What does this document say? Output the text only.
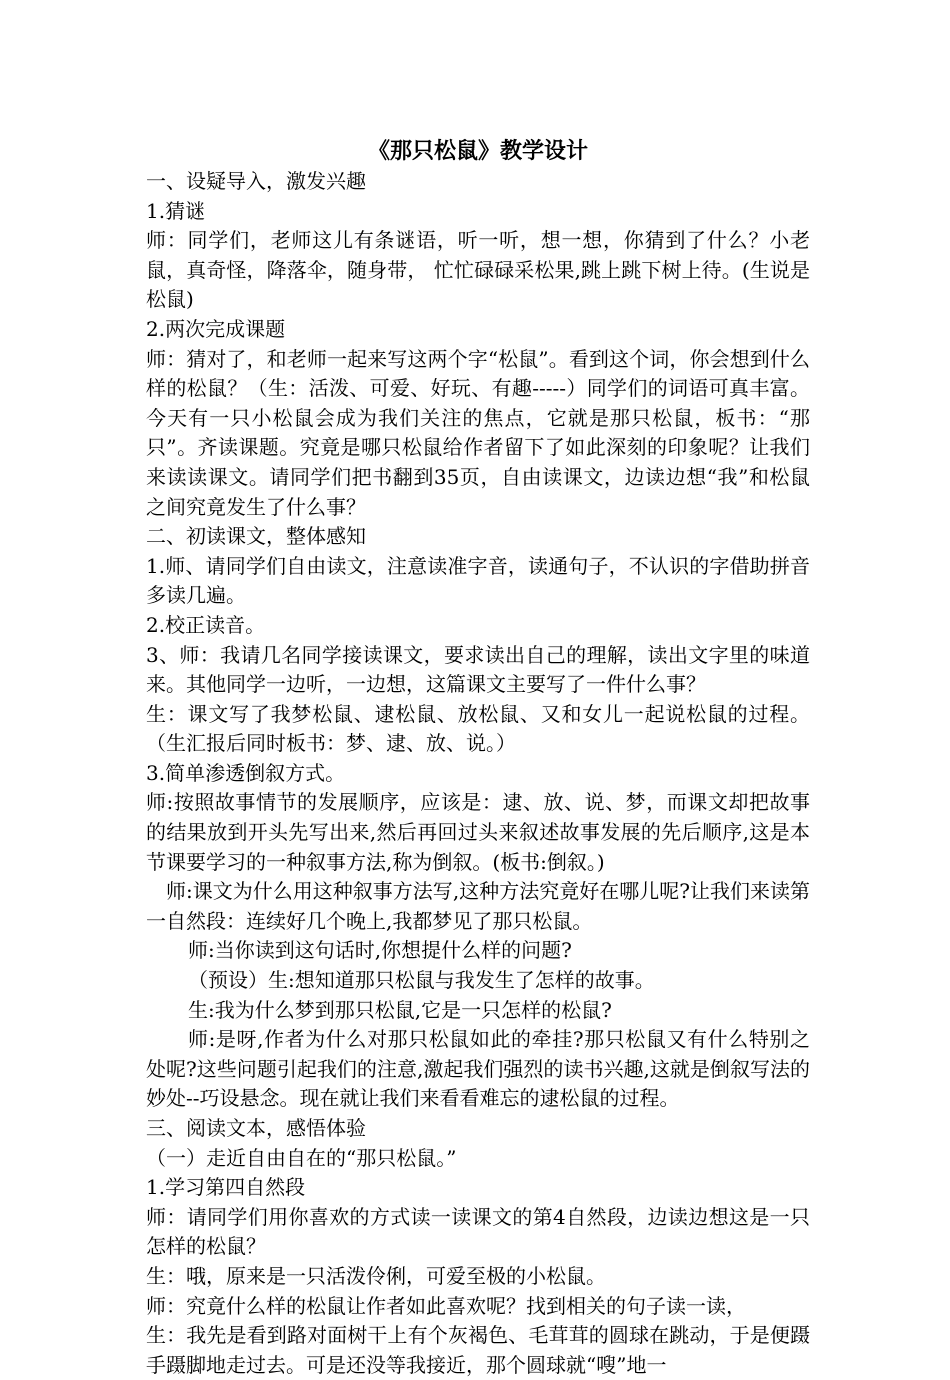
《那只松鼠》教学设计
一、设疑导入，激发兴趣
1.猜谜
师：同学们，老师这儿有条谜语，听一听，想一想，你猜到了什么？小老鼠，真奇怪，降落伞，随身带， 忙忙碌碌采松果,跳上跳下树上待。(生说是松鼠)
2.两次完成课题
师：猜对了，和老师一起来写这两个字“松鼠”。看到这个词，你会想到什么样的松鼠？（生：活泼、可爱、好玩、有趣-----）同学们的词语可真丰富。今天有一只小松鼠会成为我们关注的焦点，它就是那只松鼠，板书：“那只”。齐读课题。究竟是哪只松鼠给作者留下了如此深刻的印象呢？让我们来读读课文。请同学们把书翻到35页，自由读课文，边读边想“我”和松鼠之间究竟发生了什么事？
二、初读课文，整体感知
1.师、请同学们自由读文，注意读准字音，读通句子，不认识的字借助拼音多读几遍。
2.校正读音。
3、师：我请几名同学接读课文，要求读出自己的理解，读出文字里的味道来。其他同学一边听，一边想，这篇课文主要写了一件什么事？
生：课文写了我梦松鼠、逮松鼠、放松鼠、又和女儿一起说松鼠的过程。（生汇报后同时板书：梦、逮、放、说。）
3.简单渗透倒叙方式。
师:按照故事情节的发展顺序，应该是：逮、放、说、梦，而课文却把故事的结果放到开头先写出来,然后再回过头来叙述故事发展的先后顺序,这是本节课要学习的一种叙事方法,称为倒叙。(板书:倒叙。)
师:课文为什么用这种叙事方法写,这种方法究竟好在哪儿呢?让我们来读第一自然段：连续好几个晚上,我都梦见了那只松鼠。
师:当你读到这句话时,你想提什么样的问题?
（预设）生:想知道那只松鼠与我发生了怎样的故事。
生:我为什么梦到那只松鼠,它是一只怎样的松鼠?
师:是呀,作者为什么对那只松鼠如此的牵挂?那只松鼠又有什么特别之处呢?这些问题引起我们的注意,激起我们强烈的读书兴趣,这就是倒叙写法的妙处--巧设悬念。现在就让我们来看看难忘的逮松鼠的过程。
三、阅读文本，感悟体验
（一）走近自由自在的“那只松鼠。”
1.学习第四自然段
师：请同学们用你喜欢的方式读一读课文的第4自然段，边读边想这是一只怎样的松鼠？
生：哦，原来是一只活泼伶俐，可爱至极的小松鼠。
师：究竟什么样的松鼠让作者如此喜欢呢？找到相关的句子读一读，
生：我先是看到路对面树干上有个灰褐色、毛茸茸的圆球在跳动，于是便蹑手蹑脚地走过去。可是还没等我接近，那个圆球就“嗖”地一
